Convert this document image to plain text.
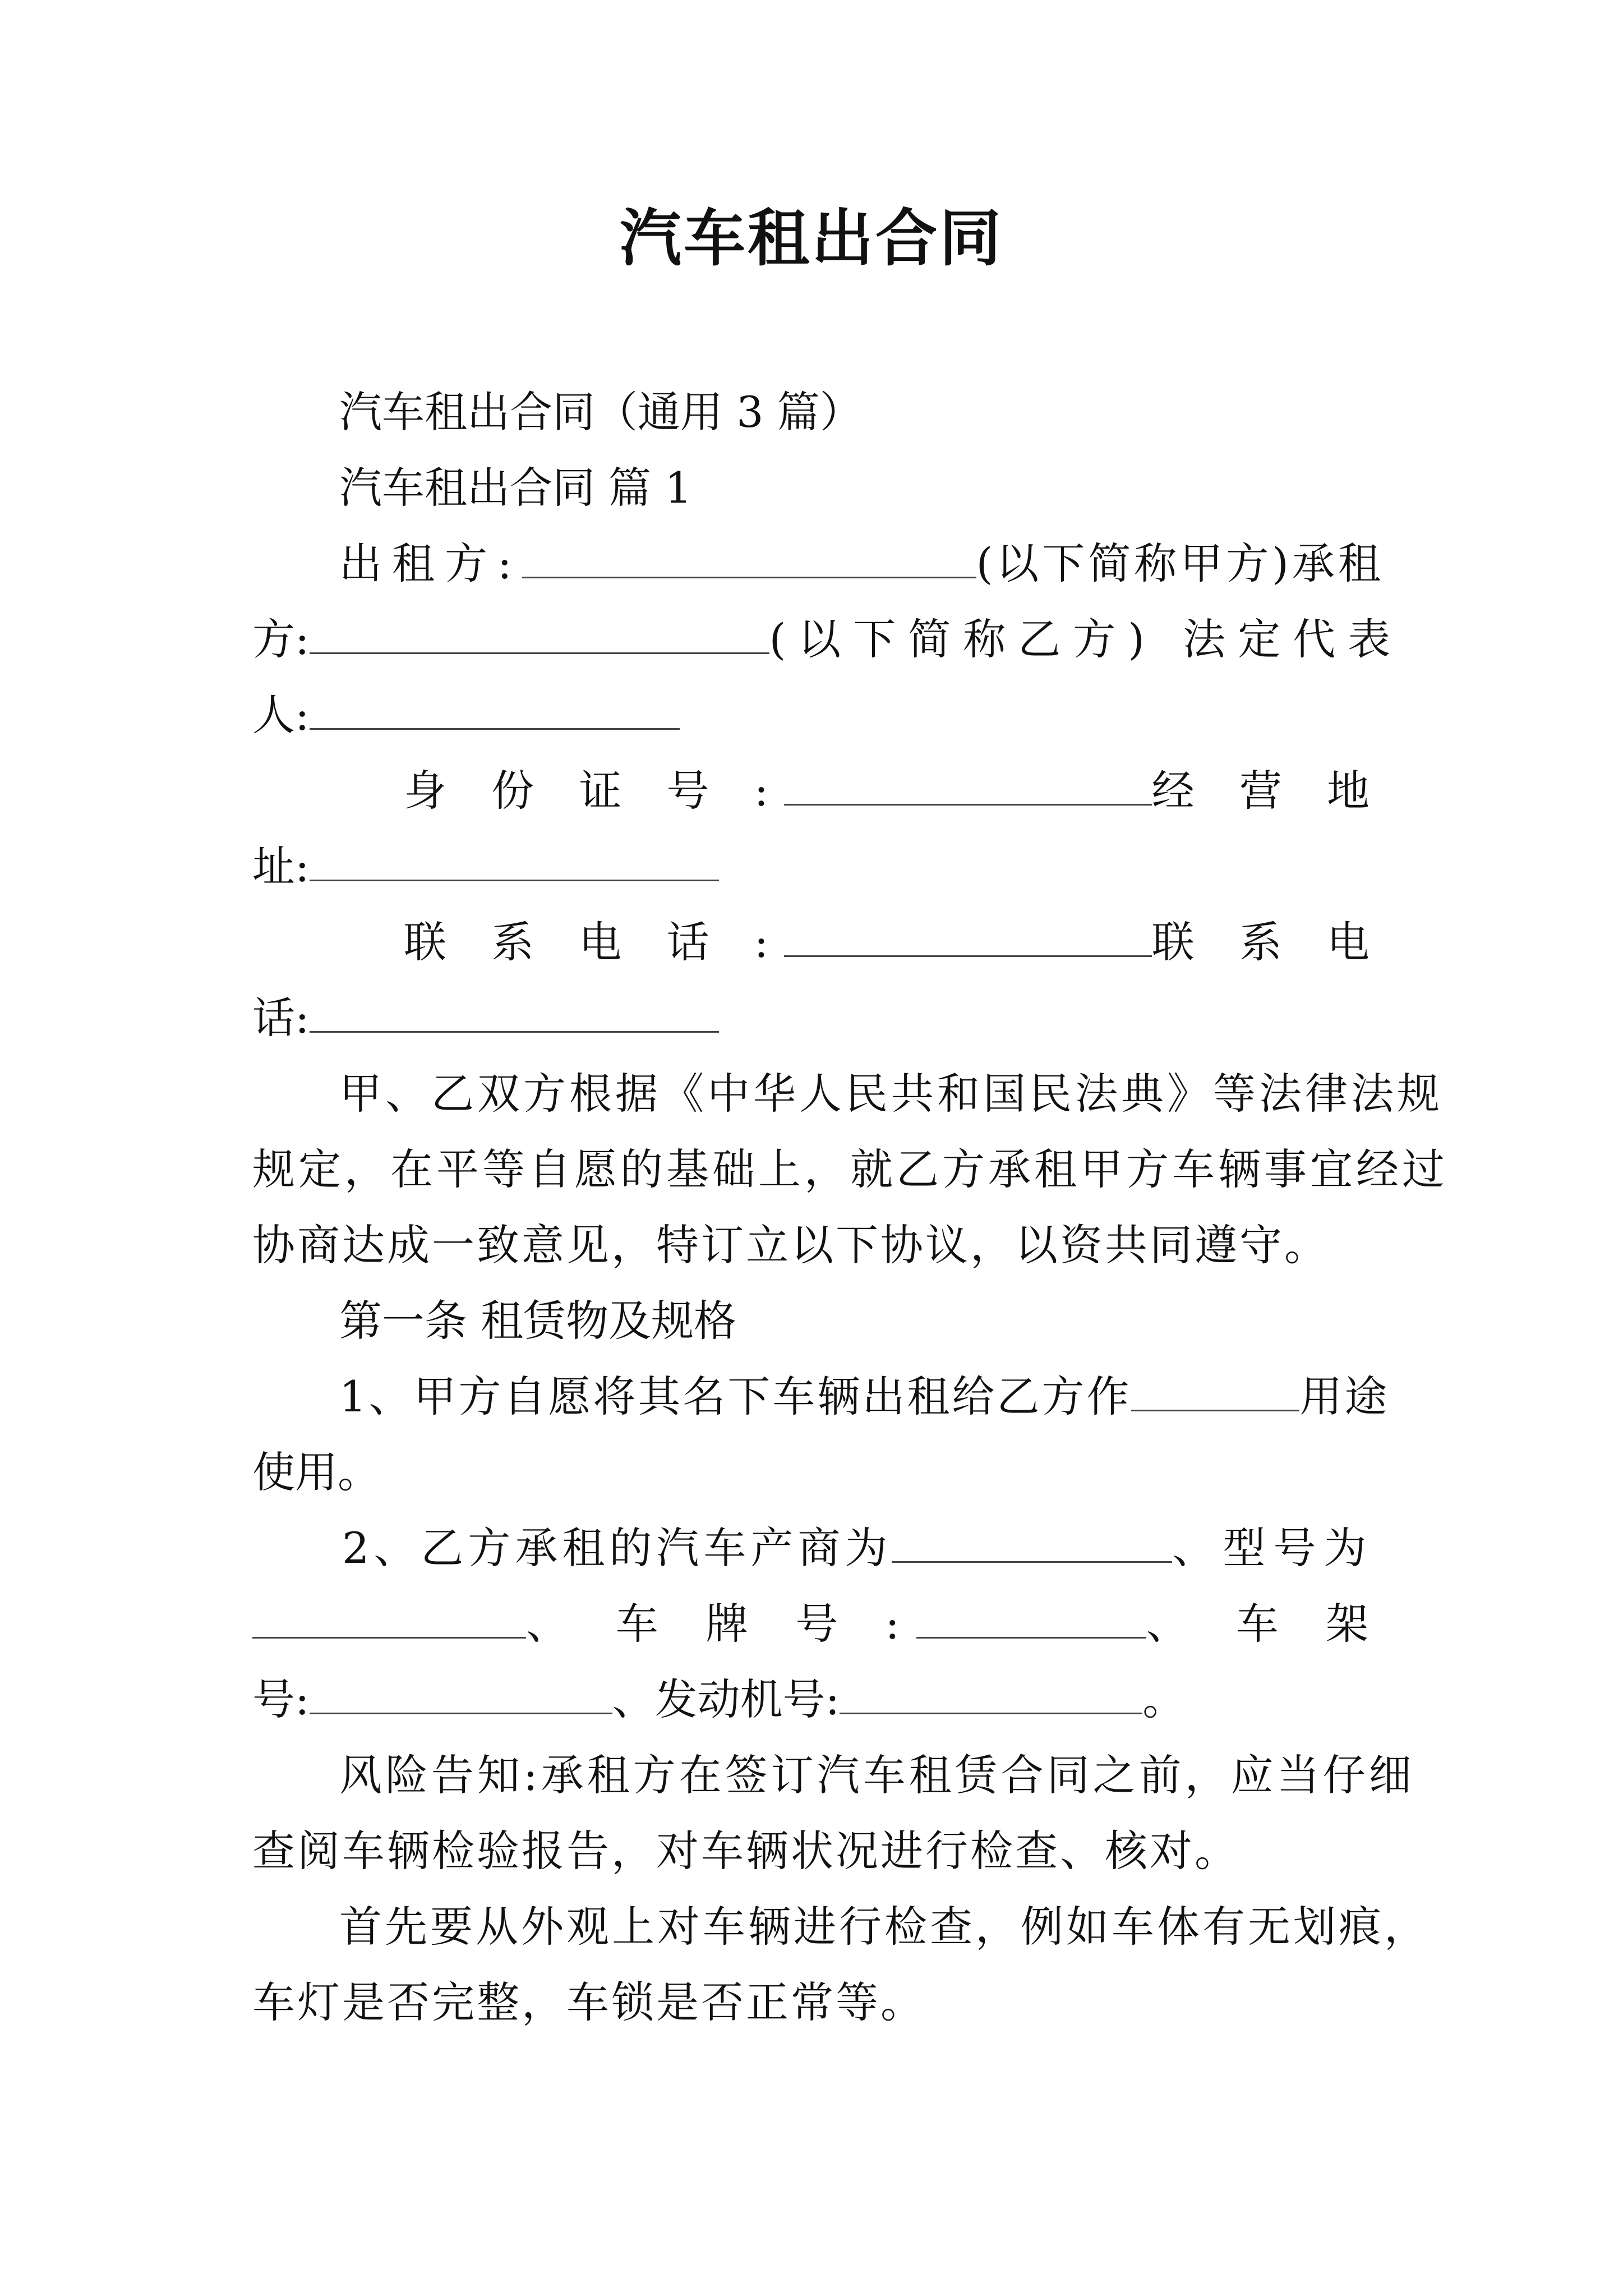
汽车租出合同
汽车租出合同（通用 3 篇）
汽车租出合同 篇 1
出租方:	(以下简称甲方)承租
方:	(以下简称乙方) 法定代表
人:
身 份 证 号 :	经 营 地
址:
联 系 电 话 :	联 系 电
话:
甲、乙双方根据《中华人民共和国民法典》等法律法规
规定，在平等自愿的基础上，就乙方承租甲方车辆事宜经过
协商达成一致意见，特订立以下协议，以资共同遵守。
第一条 租赁物及规格
1、甲方自愿将其名下车辆出租给乙方作	用途
使用。
2、乙方承租的汽车产商为	、型号为
、 车 牌 号 :	、 车 架
号:	、发动机号:	。
风险告知:承租方在签订汽车租赁合同之前，应当仔细
查阅车辆检验报告，对车辆状况进行检查、核对。
首先要从外观上对车辆进行检查，例如车体有无划痕，
车灯是否完整，车锁是否正常等。
